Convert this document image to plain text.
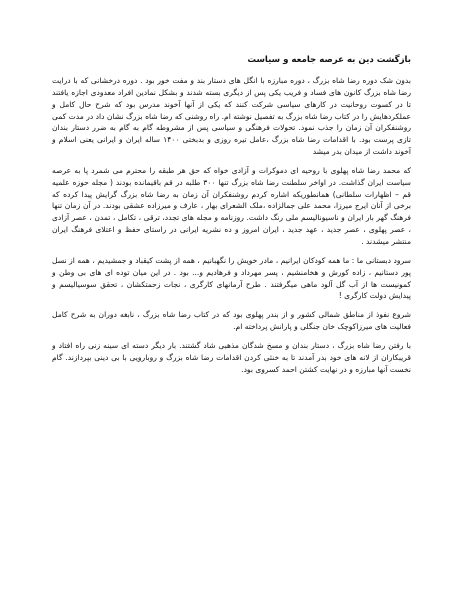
بازگشت دین به عرصه جامعه و سیاست

بدون شک دوره رضا شاه بزرگ ، دوره مبارزه با انگل های دستار بند و مفت خور بود . دوره درخشانی که با درایت رضا شاه بزرگ کانون های فساد و فریب یکی پس از دیگری بسته شدند و بشکل نمادین افراد معدودی اجازه یافتند تا در کسوت روحانیت در کارهای سیاسی شرکت کنند که یکی از آنها آخوند مدرس بود که شرح حال کامل و عملکردهایش را در کتاب رضا شاه بزرگ به تفصیل نوشته ام. راه روشنی که رضا شاه بزرگ نشان داد در مدت کمی روشنفکران آن زمان را جذب نمود. تحولات فرهنگی و سیاسی پس از مشروطه گام به گام به ضرر دستار بندان تازی پرست بود. با اقدامات رضا شاه بزرگ ،عامل تیره روزی و بدبختی ۱۴۰۰ ساله ایران و ایرانی یعنی اسلام و آخوند داشت از میدان بدر میشد

که محمد رضا شاه پهلوی با روحیه ای دموکرات و آزادی خواه که حق هر طبقه را محترم می شمرد پا به عرصه سیاست ایران گذاشت. در اواخر سلطنت رضا شاه بزرگ تنها ۳۰۰ طلبه در قم باقیمانده بودند ( مجله حوزه علمیه قم – اظهارات سلطانی) همانطوریکه اشاره کردم روشنفکران آن زمان به رضا شاه بزرگ گرایش پیدا کرده که برخی از آنان ایرج میرزا، محمد علی جمالزاده ،ملک الشعرای بهار ، عارف و میرزاده عشقی بودند. در آن زمان تنها فرهنگ گهر بار ایران و ناسیونالیسم ملی رنگ داشت. روزنامه و مجله های تجدد، ترقی ، تکامل ، تمدن ، عصر آزادی ، عصر پهلوی ، عصر جدید ، عهد جدید ، ایران امروز و ده نشریه ایرانی در راستای حفظ و اعتلای فرهنگ ایران منتشر میشدند .

سرود دبستانی ما : ما همه کودکان ایرانیم ، مادر خویش را نگهبانیم ، همه از پشت کیقباد و جمشیدیم ، همه از نسل پور دستانیم ، زاده کورش و هخامنشیم ، پسر مهرداد و فرهادیم و... بود . در این میان توده ای های بی وطن و کمونیست ها از آب گل آلود ماهی میگرفتند . طرح آرمانهای کارگری ، نجات زحمتکشان ، تحقق سوسیالیسم و پیدایش دولت کارگری !

شروع نفوذ از مناطق شمالی کشور و از بندر پهلوی بود که در کتاب رضا شاه بزرگ ، نابغه دوران به شرح کامل فعالیت های میرزاکوچک خان جنگلی و پارانش پرداخته ام.

با رفتن رضا شاه بزرگ ، دستار بندان و مسخ شدگان مذهبی شاد گشتند. بار دیگر دسته ای سینه زنی راه افتاد و قریبکاران از لانه های خود بدر آمدند تا به خنثی کردن اقدامات رضا شاه بزرگ و روبارویی با بی دینی بپردازند. گام نخست آنها مبارزه و در نهایت کشتن احمد کسروی بود.
